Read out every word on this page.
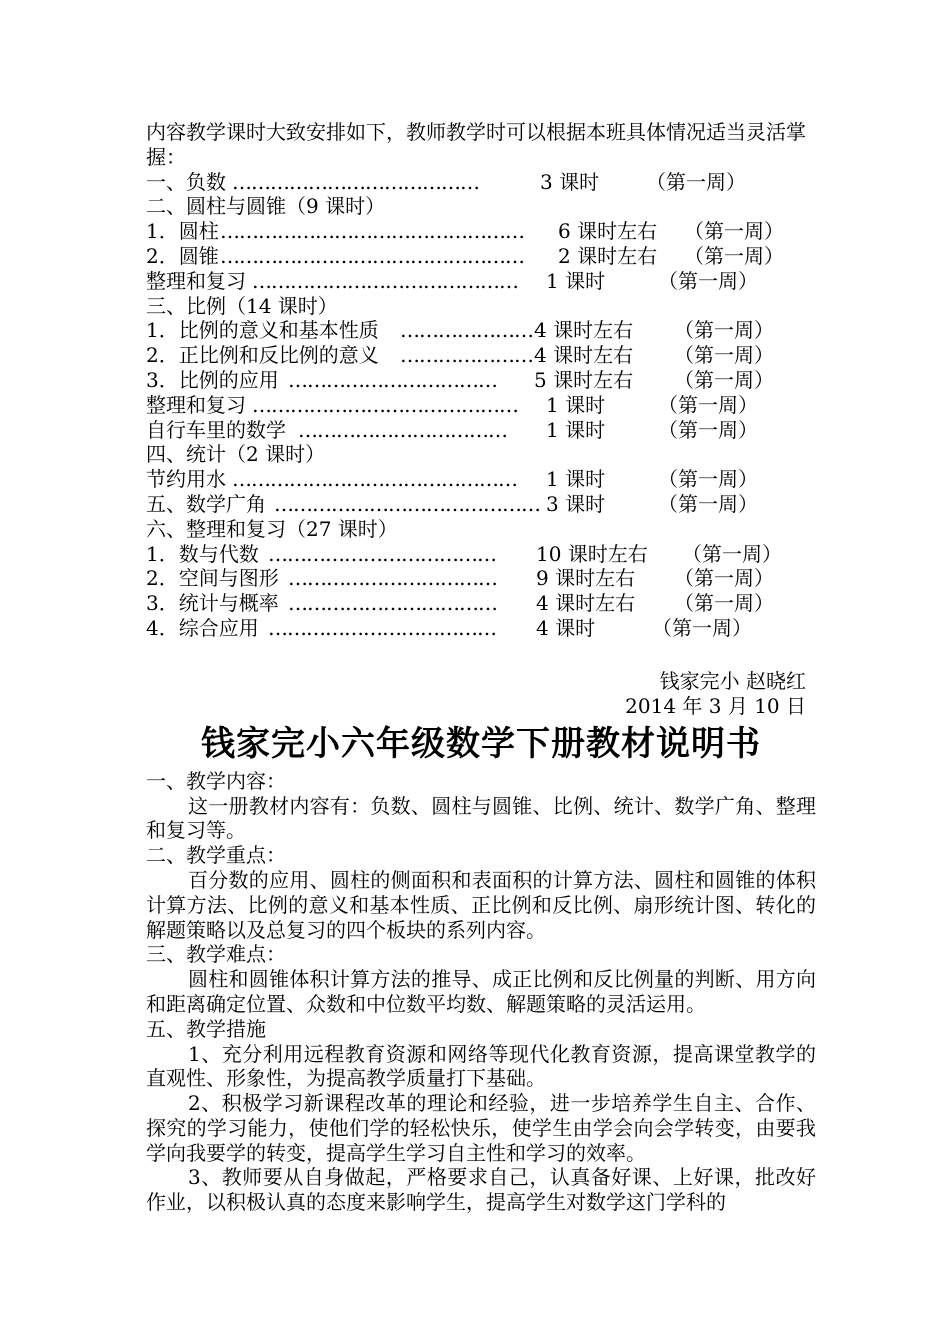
内容教学课时大致安排如下，教师教学时可以根据本班具体情况适当灵活掌握：
一、负数 …………………………………	3 课时 （第一周）
二、圆柱与圆锥（9 课时）
1．圆柱 …………………………………………	6 课时左右 （第一周）
2．圆锥 …………………………………………	2 课时左右 （第一周）
整理和复习 ……………………………………	1 课时	（第一周）
三、比例（14 课时）
1．比例的意义和基本性质 ………………… 4 课时左右 （第一周）
2．正比例和反比例的意义 ………………… 4 课时左右 （第一周）
3．比例的应用 ……………………………	5 课时左右 （第一周）
整理和复习 ……………………………………	1 课时	（第一周）
自行车里的数学 ……………………………	1 课时	（第一周）
四、统计（2 课时）
节约用水 ………………………………………	1 课时	（第一周）
五、数学广角 …………………………………… 3 课时	（第一周）
六、整理和复习（27 课时）
1．数与代数 ………………………………	10 课时左右 （第一周）
2．空间与图形 ……………………………	9 课时左右 （第一周）
3．统计与概率 ……………………………	4 课时左右 （第一周）
4．综合应用 ………………………………	4 课时	（第一周）
钱家完小 赵晓红
2014 年 3 月 10 日
钱家完小六年级数学下册教材说明书
一、教学内容：
这一册教材内容有：负数、圆柱与圆锥、比例、统计、数学广角、整理和复习等。
二、教学重点：
百分数的应用、圆柱的侧面积和表面积的计算方法、圆柱和圆锥的体积计算方法、比例的意义和基本性质、正比例和反比例、扇形统计图、转化的解题策略以及总复习的四个板块的系列内容。
三、教学难点：
圆柱和圆锥体积计算方法的推导、成正比例和反比例量的判断、用方向和距离确定位置、众数和中位数平均数、解题策略的灵活运用。
五、教学措施
1、充分利用远程教育资源和网络等现代化教育资源，提高课堂教学的直观性、形象性，为提高教学质量打下基础。
2、积极学习新课程改革的理论和经验，进一步培养学生自主、合作、探究的学习能力，使他们学的轻松快乐，使学生由学会向会学转变，由要我学向我要学的转变，提高学生学习自主性和学习的效率。
3、教师要从自身做起，严格要求自己，认真备好课、上好课，批改好作业，以积极认真的态度来影响学生，提高学生对数学这门学科的
